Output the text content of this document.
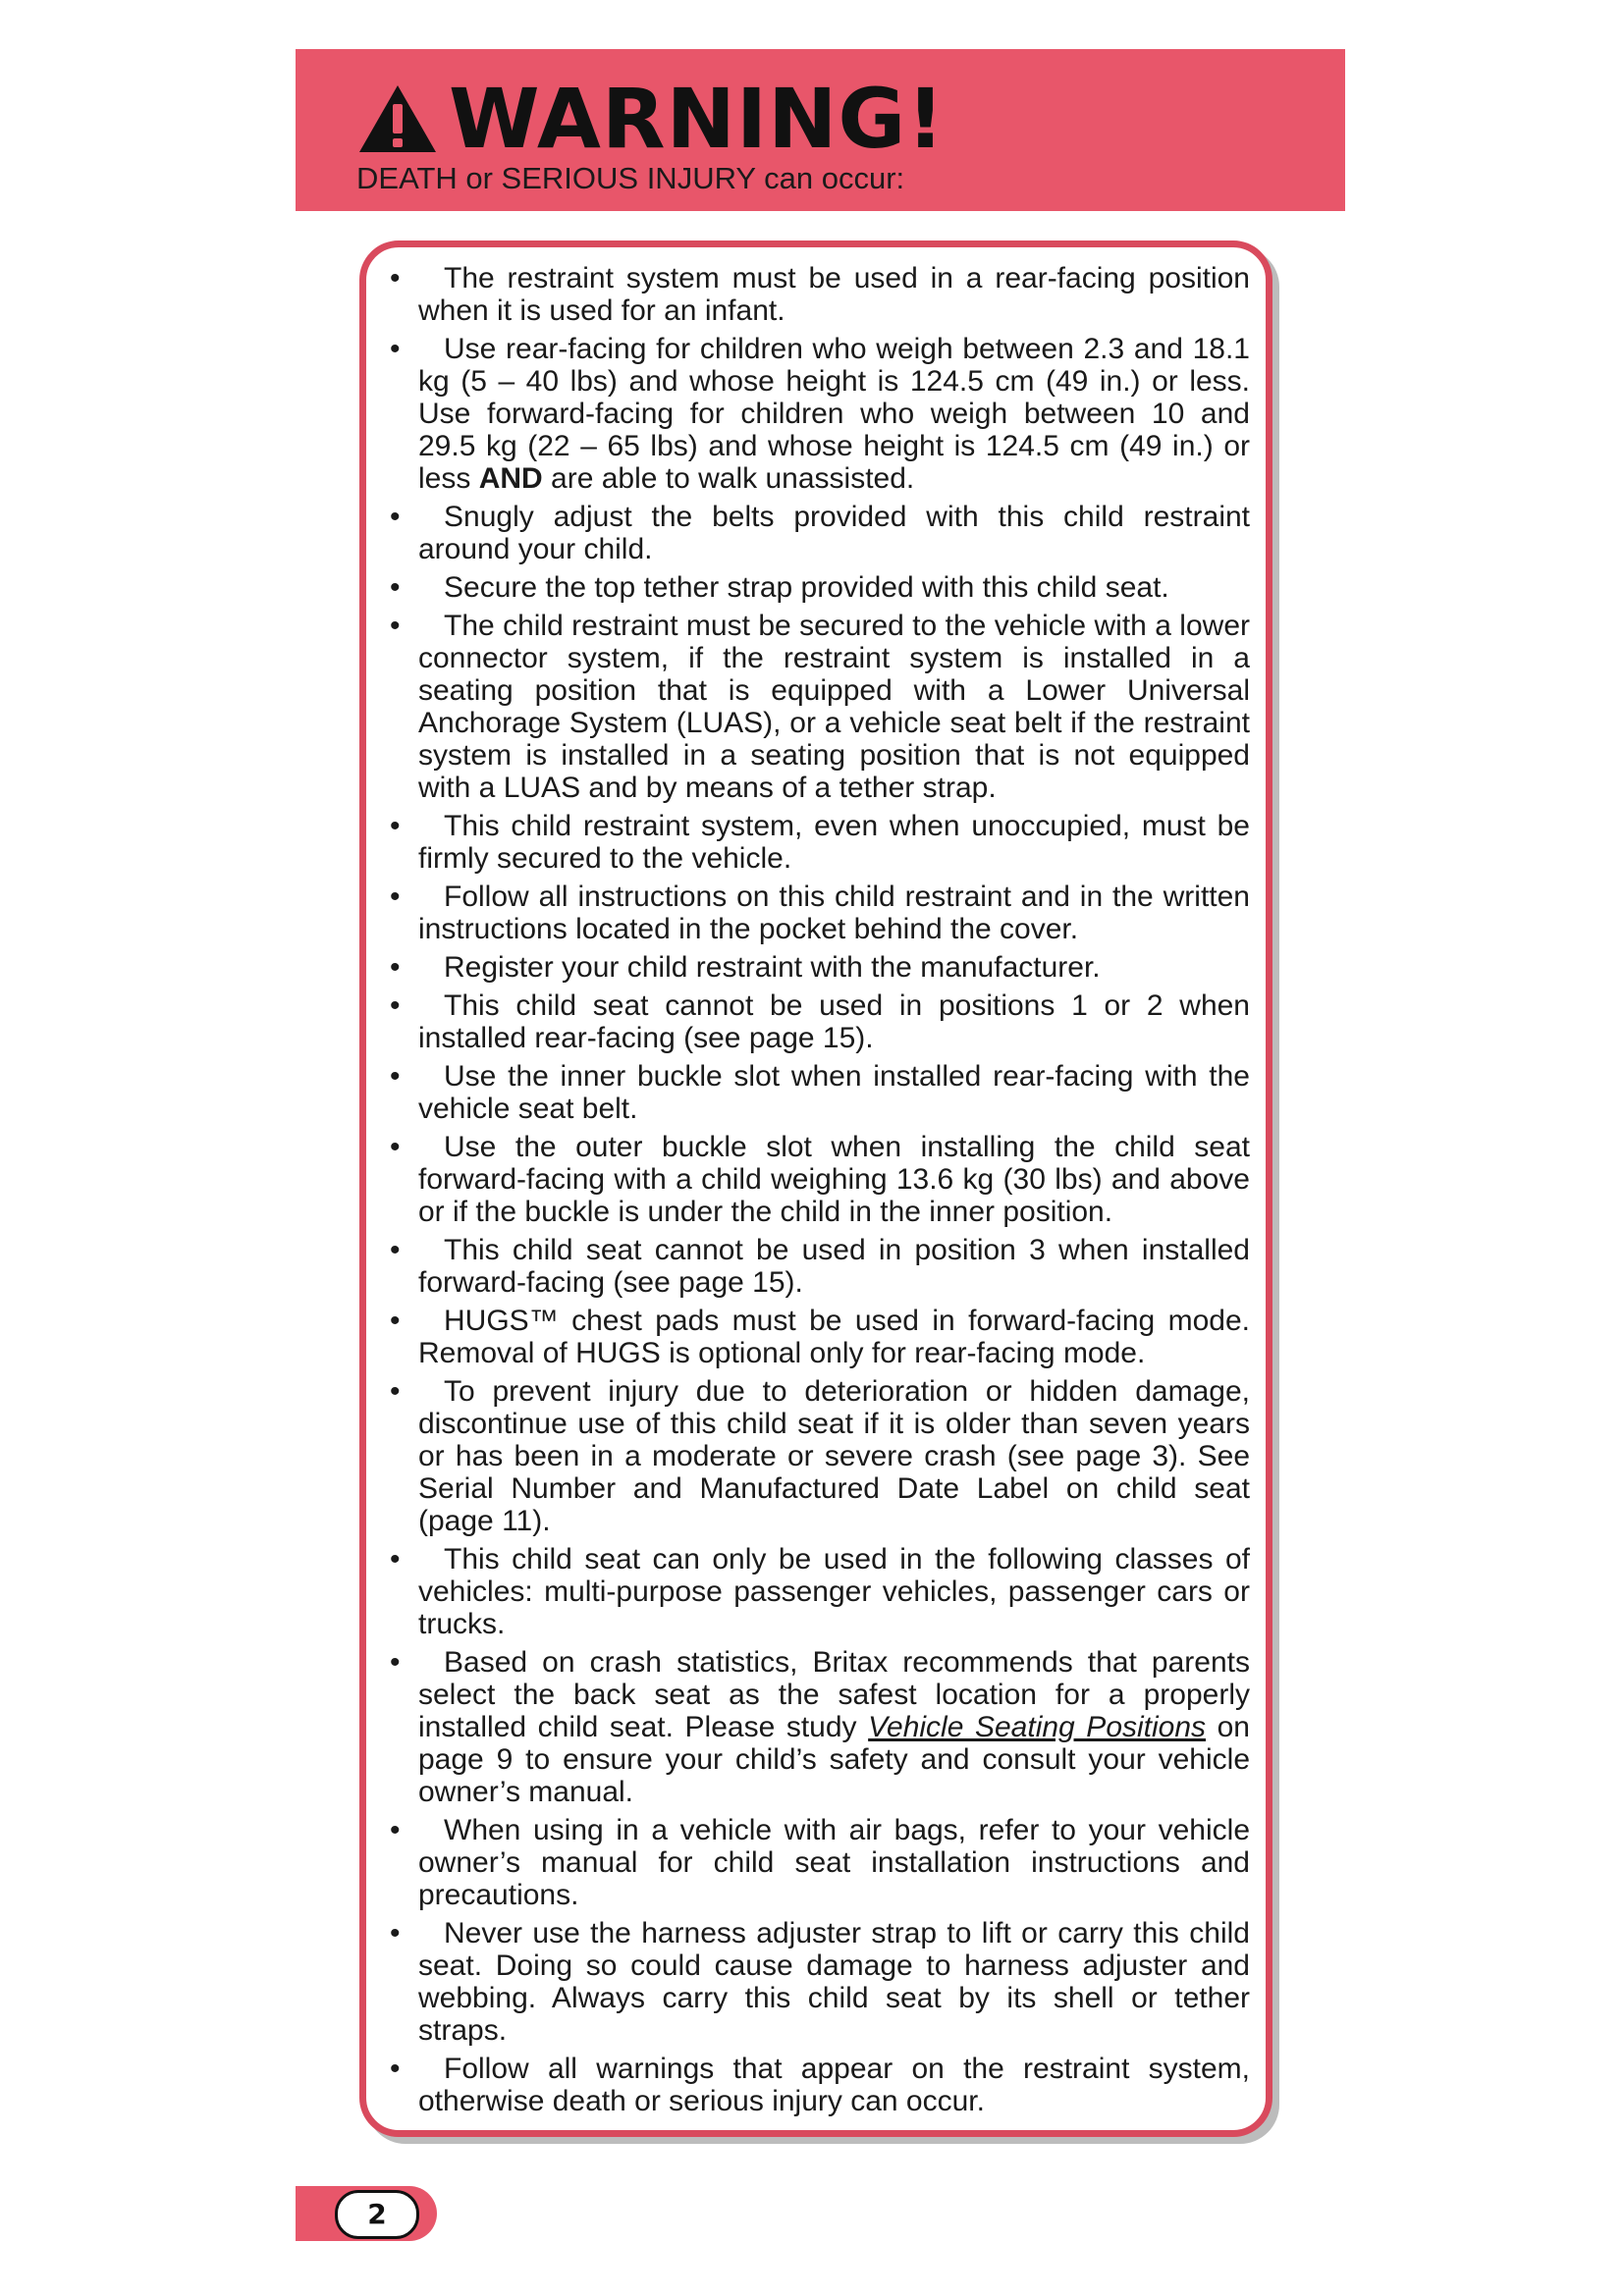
WARNING!
DEATH or SERIOUS INJURY can occur:
• The restraint system must be used in a rear-facing position when it is used for an infant.
• Use rear-facing for children who weigh between 2.3 and 18.1 kg (5 – 40 lbs) and whose height is 124.5 cm (49 in.) or less. Use forward-facing for children who weigh between 10 and 29.5 kg (22 – 65 lbs) and whose height is 124.5 cm (49 in.) or less AND are able to walk unassisted.
• Snugly adjust the belts provided with this child restraint around your child.
• Secure the top tether strap provided with this child seat.
• The child restraint must be secured to the vehicle with a lower connector system, if the restraint system is installed in a seating position that is equipped with a Lower Universal Anchorage System (LUAS), or a vehicle seat belt if the restraint system is installed in a seating position that is not equipped with a LUAS and by means of a tether strap.
• This child restraint system, even when unoccupied, must be firmly secured to the vehicle.
• Follow all instructions on this child restraint and in the written instructions located in the pocket behind the cover.
• Register your child restraint with the manufacturer.
• This child seat cannot be used in positions 1 or 2 when installed rear-facing (see page 15).
• Use the inner buckle slot when installed rear-facing with the vehicle seat belt.
• Use the outer buckle slot when installing the child seat forward-facing with a child weighing 13.6 kg (30 lbs) and above or if the buckle is under the child in the inner position.
• This child seat cannot be used in position 3 when installed forward-facing (see page 15).
• HUGS™ chest pads must be used in forward-facing mode. Removal of HUGS is optional only for rear-facing mode.
• To prevent injury due to deterioration or hidden damage, discontinue use of this child seat if it is older than seven years or has been in a moderate or severe crash (see page 3). See Serial Number and Manufactured Date Label on child seat (page 11).
• This child seat can only be used in the following classes of vehicles: multi-purpose passenger vehicles, passenger cars or trucks.
• Based on crash statistics, Britax recommends that parents select the back seat as the safest location for a properly installed child seat. Please study Vehicle Seating Positions on page 9 to ensure your child’s safety and consult your vehicle owner’s manual.
• When using in a vehicle with air bags, refer to your vehicle owner’s manual for child seat installation instructions and precautions.
• Never use the harness adjuster strap to lift or carry this child seat. Doing so could cause damage to harness adjuster and webbing. Always carry this child seat by its shell or tether straps.
• Follow all warnings that appear on the restraint system, otherwise death or serious injury can occur.
2
